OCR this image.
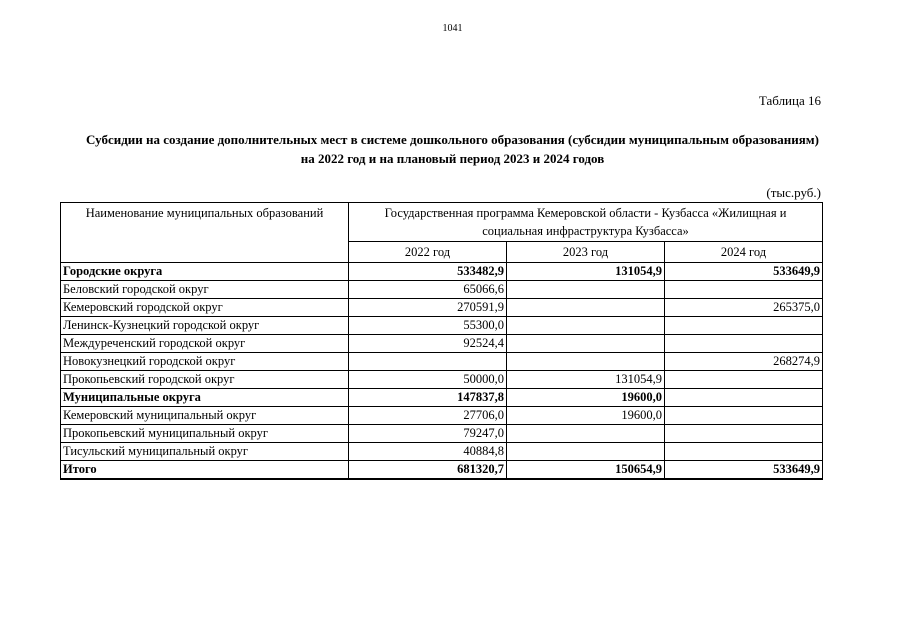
1041
Таблица 16
Субсидии на создание дополнительных мест в системе дошкольного образования (субсидии муниципальным образованиям) на 2022 год и на плановый период 2023 и 2024 годов
(тыс.руб.)
Наименование муниципальных образований	Государственная программа Кемеровской области - Кузбасса «Жилищная и социальная инфраструктура Кузбасса»		
	2022 год	2023 год	2024 год
Городские округа	533482,9	131054,9	533649,9
Беловский городской округ	65066,6		
Кемеровский городской округ	270591,9		265375,0
Ленинск-Кузнецкий городской округ	55300,0		
Междуреченский городской округ	92524,4		
Новокузнецкий городской округ			268274,9
Прокопьевский городской округ	50000,0	131054,9	
Муниципальные округа	147837,8	19600,0	
Кемеровский муниципальный округ	27706,0	19600,0	
Прокопьевский муниципальный округ	79247,0		
Тисульский муниципальный округ	40884,8		
Итого	681320,7	150654,9	533649,9
